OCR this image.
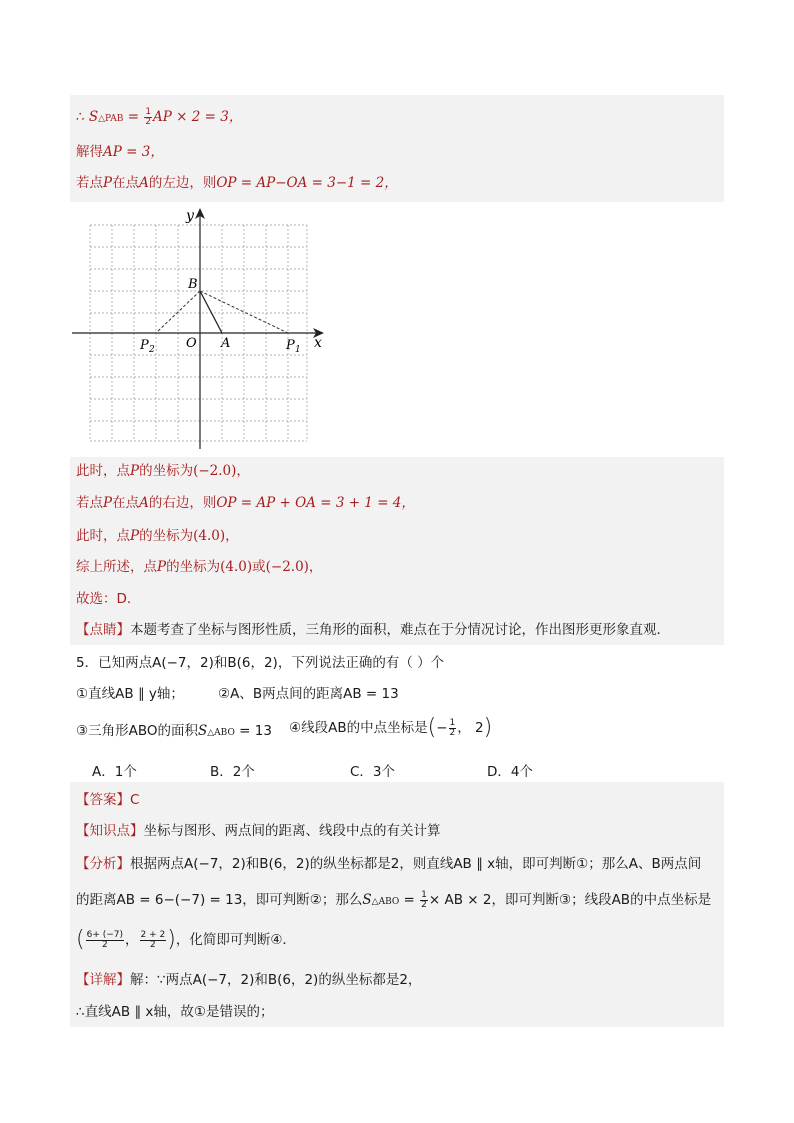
∴ S△PAB = $\frac{1}{2}$ AP × 2 = 3，
解得AP = 3，
若点P在点A的左边，则OP = AP−OA = 3−1 = 2，
y
x
B
O A
P 2	P 1
此时，点P的坐标为(−2.0)，
若点P在点A的右边，则OP = AP + OA = 3 + 1 = 4，
此时，点P的坐标为(4.0)，
综上所述，点P的坐标为(4.0)或(−2.0)，
故选：D．
【点睛】本题考查了坐标与图形性质，三角形的面积，难点在于分情况讨论，作出图形更形象直观．
5．已知两点A(−7，2)和B(6，2)，下列说法正确的有（ ）个
①直线AB ∥ y轴；	②A、B两点间的距离AB = 13
③三角形ABO的面积S△ABO = 13 ④线段AB的中点坐标是(− $\frac{1}{2}$ ， 2)
A．1个	B．2个	C．3个	D．4个
【答案】C
【知识点】坐标与图形、两点间的距离、线段中点的有关计算
【分析】根据两点A(−7，2)和B(6，2)的纵坐标都是2，则直线AB ∥ x轴，即可判断①；那么A、B两点间
的距离AB = 6−(−7) = 13，即可判断②；那么S△ABO = $\frac{1}{2}$ × AB × 2，即可判断③；线段AB的中点坐标是
( $\frac{6+ (-7)}{2}$ ， $\frac{2 + 2}{2}$ )，化简即可判断④．
【详解】解：∵两点A(−7，2)和B(6，2)的纵坐标都是2，
∴直线AB ∥ x轴，故①是错误的；
